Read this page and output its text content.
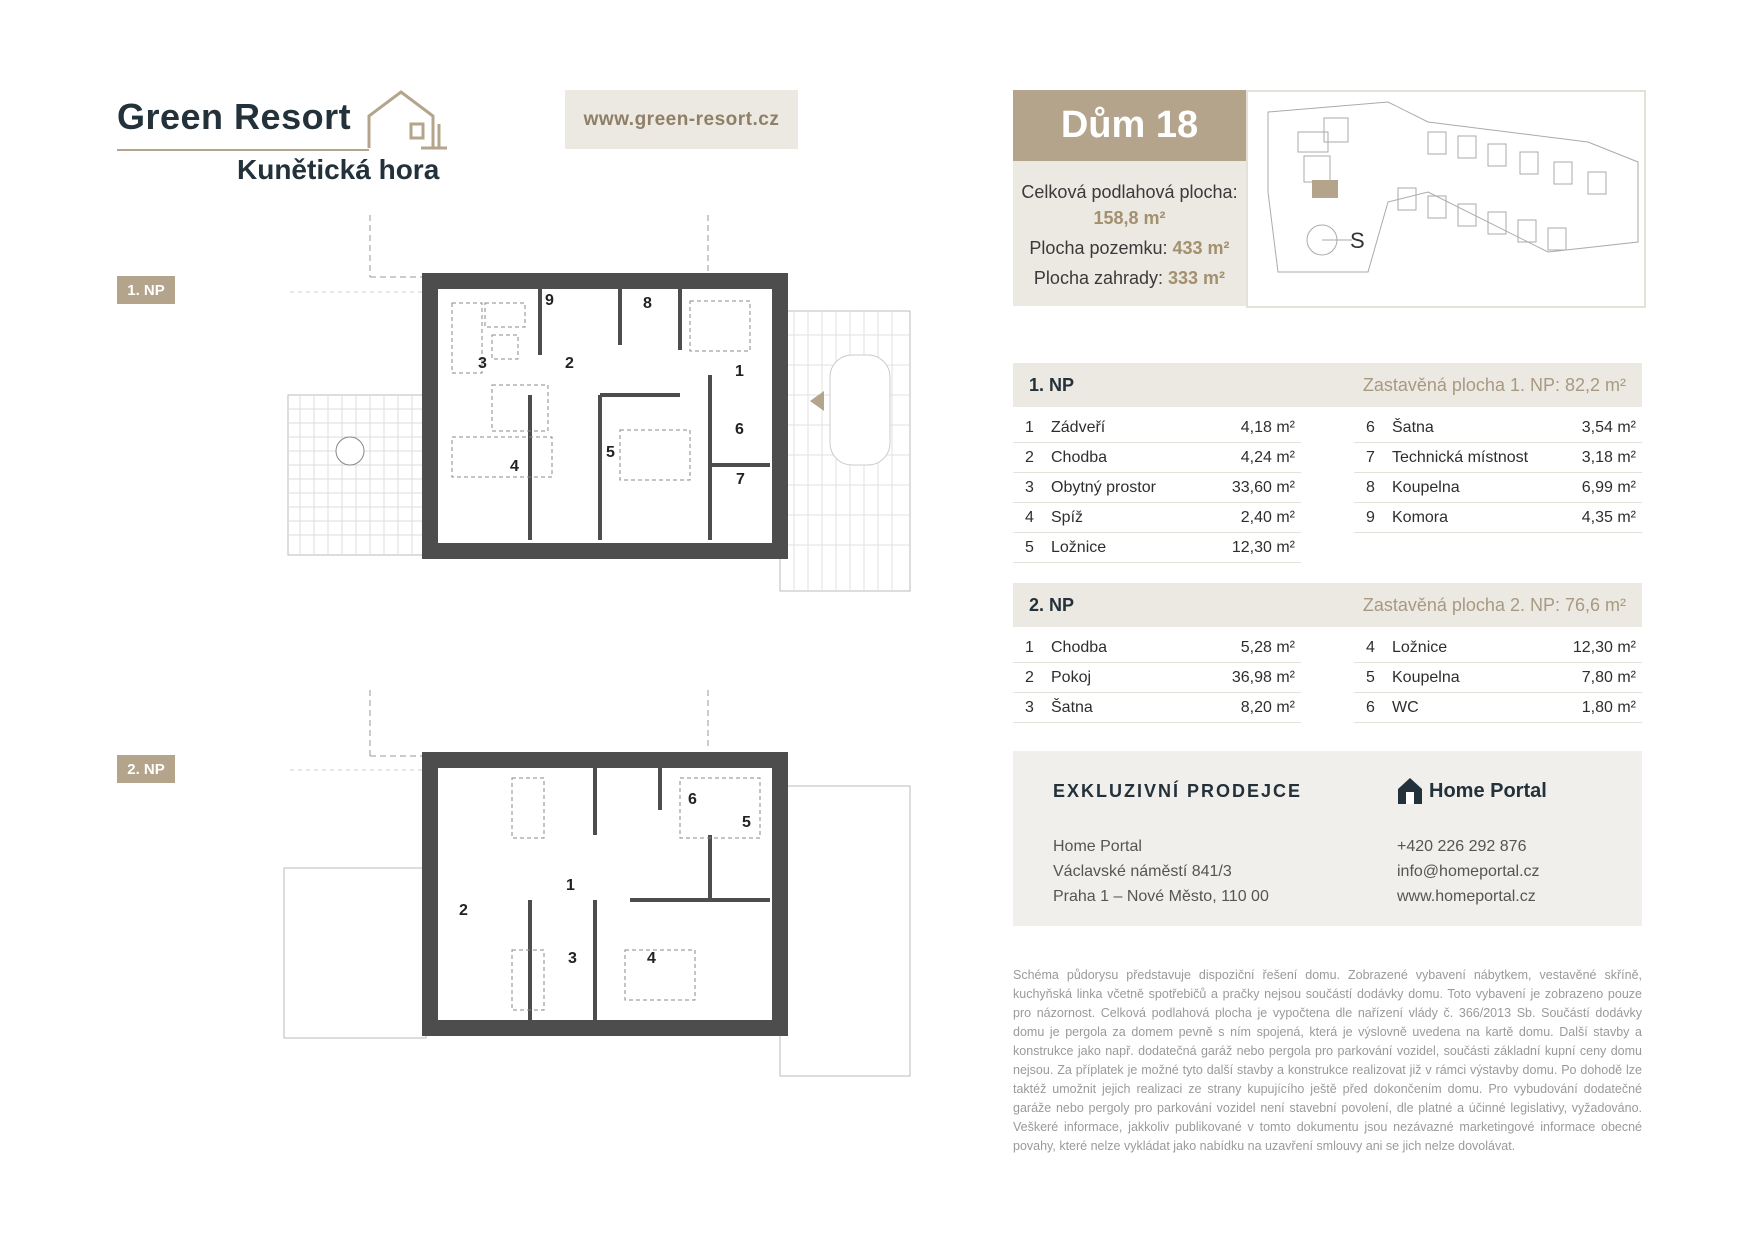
Green Resort
Kunětická hora
www.green-resort.cz
1. NP
2. NP
1
2
3
4
5
6
7
8
9
1
2
3	4
5
6
Dům 18
Celková podlahová plocha:
158,8 m²
Plocha pozemku: 433 m²
Plocha zahrady: 333 m²
S
1. NP	Zastavěná plocha 1. NP: 82,2 m²
1	Zádveří	4,18 m²
2	Chodba	4,24 m²
3	Obytný prostor	33,60 m²
4	Spíž	2,40 m²
5	Ložnice	12,30 m²
6	Šatna	3,54 m²
7	Technická místnost	3,18 m²
8	Koupelna	6,99 m²
9	Komora	4,35 m²
2. NP	Zastavěná plocha 2. NP: 76,6 m²
1	Chodba	5,28 m²
2	Pokoj	36,98 m²
3	Šatna	8,20 m²
4	Ložnice	12,30 m²
5	Koupelna	7,80 m²
6	WC	1,80 m²
EXKLUZIVNÍ PRODEJCE	Home Portal
Home Portal
Václavské náměstí 841/3
Praha 1 – Nové Město, 110 00
+420 226 292 876
info@homeportal.cz
www.homeportal.cz
Schéma půdorysu představuje dispoziční řešení domu. Zobrazené vybavení nábytkem, vestavěné skříně, kuchyňská linka včetně spotřebičů a pračky nejsou součástí dodávky domu. Toto vybavení je zobrazeno pouze pro názornost. Celková podlahová plocha je vypočtena dle nařízení vlády č. 366/2013 Sb. Součástí dodávky domu je pergola za domem pevně s ním spojená, která je výslovně uvedena na kartě domu. Další stavby a konstrukce jako např. dodatečná garáž nebo pergola pro parkování vozidel, součásti základní kupní ceny domu nejsou. Za příplatek je možné tyto další stavby a konstrukce realizovat již v rámci výstavby domu. Po dohodě lze taktéž umožnit jejich realizaci ze strany kupujícího ještě před dokončením domu. Pro vybudování dodatečné garáže nebo pergoly pro parkování vozidel není stavební povolení, dle platné a účinné legislativy, vyžadováno. Veškeré informace, jakkoliv publikované v tomto dokumentu jsou nezávazné marketingové informace obecné povahy, které nelze vykládat jako nabídku na uzavření smlouvy ani se jich nelze dovolávat.
